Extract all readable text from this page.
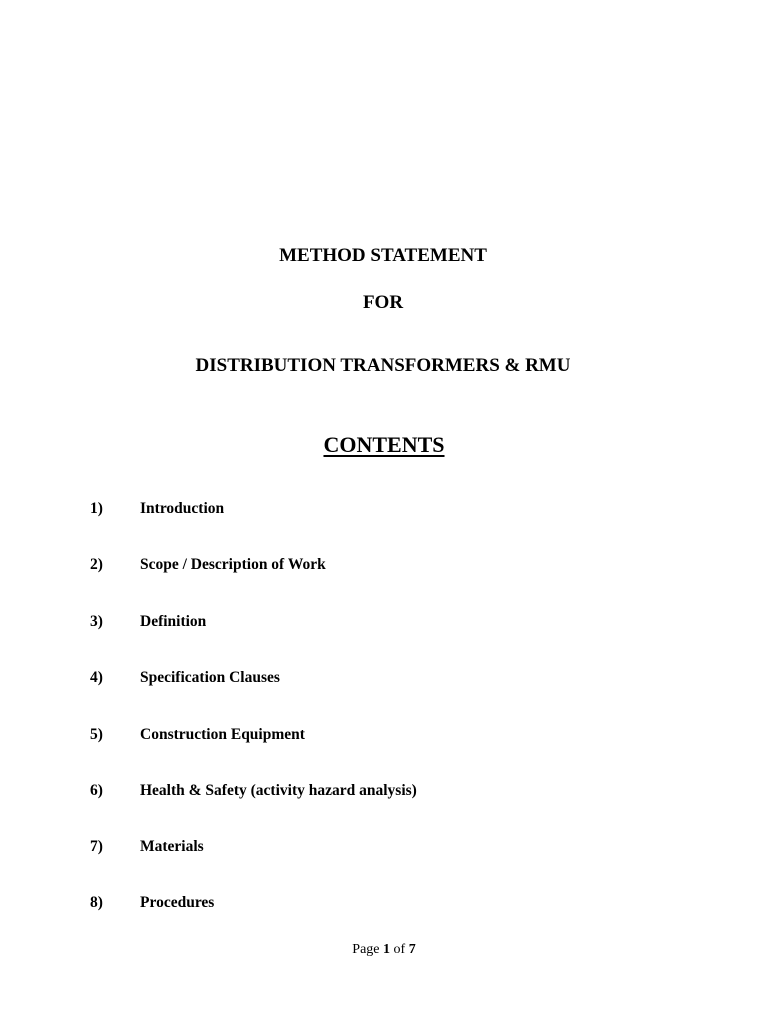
METHOD STATEMENT
FOR
DISTRIBUTION TRANSFORMERS & RMU
CONTENTS
1) Introduction
2) Scope / Description of Work
3) Definition
4) Specification Clauses
5) Construction Equipment
6) Health & Safety (activity hazard analysis)
7) Materials
8) Procedures
Page 1 of 7
